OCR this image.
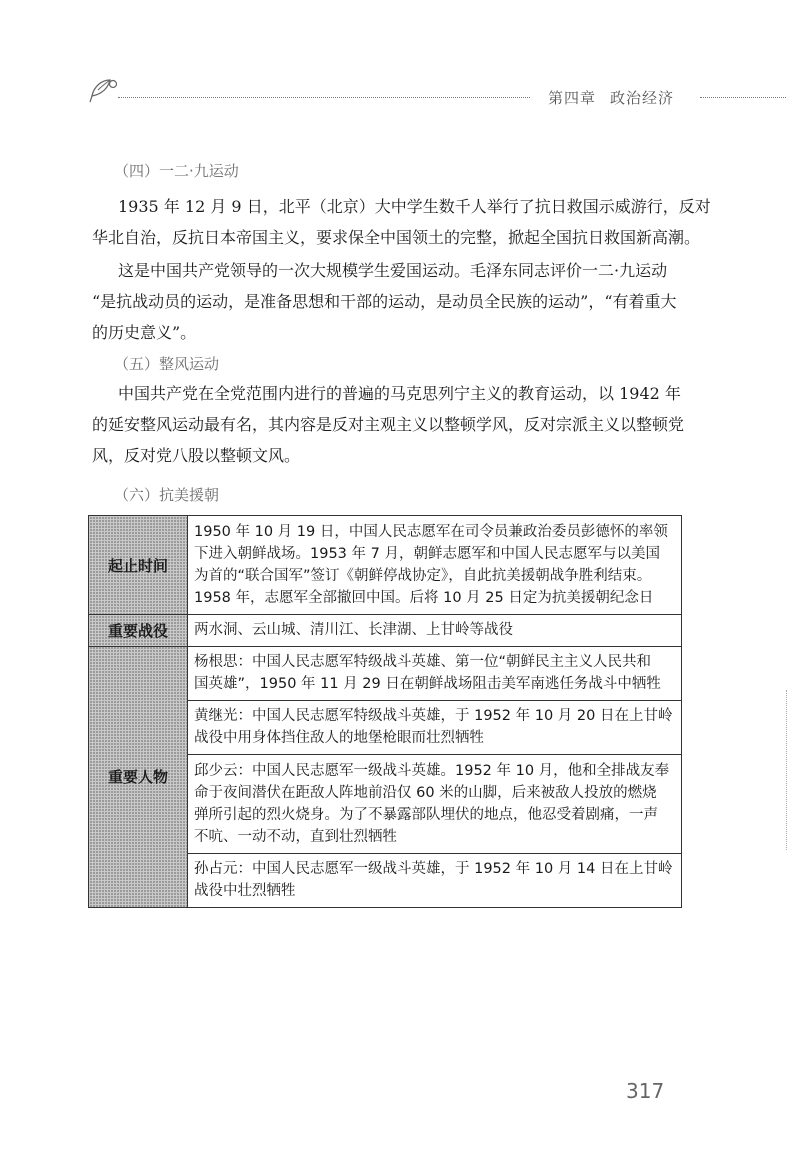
第四章 政治经济
（四）一二·九运动

1935 年 12 月 9 日，北平（北京）大中学生数千人举行了抗日救国示威游行，反对
华北自治，反抗日本帝国主义，要求保全中国领土的完整，掀起全国抗日救国新高潮。

这是中国共产党领导的一次大规模学生爱国运动。毛泽东同志评价一二·九运动
“是抗战动员的运动，是准备思想和干部的运动，是动员全民族的运动”，“有着重大
的历史意义”。

（五）整风运动

中国共产党在全党范围内进行的普遍的马克思列宁主义的教育运动，以 1942 年
的延安整风运动最有名，其内容是反对主观主义以整顿学风，反对宗派主义以整顿党
风，反对党八股以整顿文风。

（六）抗美援朝
起止时间	1950 年 10 月 19 日，中国人民志愿军在司令员兼政治委员彭德怀的率领
下进入朝鲜战场。1953 年 7 月，朝鲜志愿军和中国人民志愿军与以美国
为首的“联合国军”签订《朝鲜停战协定》，自此抗美援朝战争胜利结束。
1958 年，志愿军全部撤回中国。后将 10 月 25 日定为抗美援朝纪念日

重要战役	两水洞、云山城、清川江、长津湖、上甘岭等战役

重要人物	杨根思：中国人民志愿军特级战斗英雄、第一位“朝鲜民主主义人民共和
国英雄”，1950 年 11 月 29 日在朝鲜战场阻击美军南逃任务战斗中牺牲

	黄继光：中国人民志愿军特级战斗英雄，于 1952 年 10 月 20 日在上甘岭
战役中用身体挡住敌人的地堡枪眼而壮烈牺牲

	邱少云：中国人民志愿军一级战斗英雄。1952 年 10 月，他和全排战友奉
命于夜间潜伏在距敌人阵地前沿仅 60 米的山脚，后来被敌人投放的燃烧
弹所引起的烈火烧身。为了不暴露部队埋伏的地点，他忍受着剧痛，一声
不吭、一动不动，直到壮烈牺牲

	孙占元：中国人民志愿军一级战斗英雄，于 1952 年 10 月 14 日在上甘岭
战役中壮烈牺牲
317
